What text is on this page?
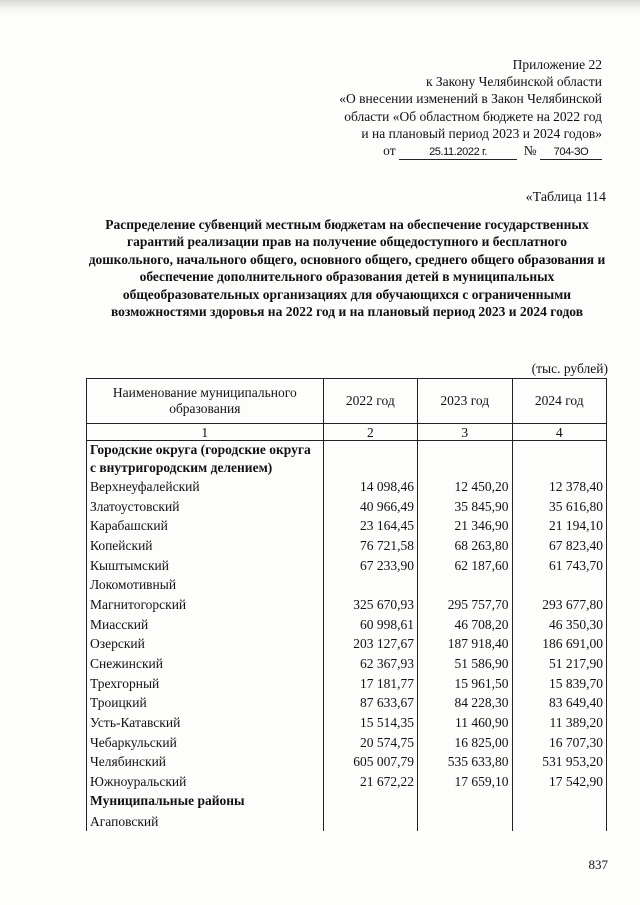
Приложение 22
к Закону Челябинской области
«О внесении изменений в Закон Челябинской
области «Об областном бюджете на 2022 год
и на плановый период 2023 и 2024 годов»
от	25.11.2022 г.	№ 704-ЗО
«Таблица 114
Распределение субвенций местным бюджетам на обеспечение государственных гарантий реализации прав на получение общедоступного и бесплатного дошкольного, начального общего, основного общего, среднего общего образования и обеспечение дополнительного образования детей в муниципальных общеобразовательных организациях для обучающихся с ограниченными возможностями здоровья на 2022 год и на плановый период 2023 и 2024 годов
(тыс. рублей)
Наименование муниципального образования	2022 год	2023 год	2024 год
1	2	3	4
Городские округа (городские округа с внутригородским делением)			
Верхнеуфалейский	14 098,46	12 450,20	12 378,40
Златоустовский	40 966,49	35 845,90	35 616,80
Карабашский	23 164,45	21 346,90	21 194,10
Копейский	76 721,58	68 263,80	67 823,40
Кыштымский	67 233,90	62 187,60	61 743,70
Локомотивный			
Магнитогорский	325 670,93	295 757,70	293 677,80
Миасский	60 998,61	46 708,20	46 350,30
Озерский	203 127,67	187 918,40	186 691,00
Снежинский	62 367,93	51 586,90	51 217,90
Трехгорный	17 181,77	15 961,50	15 839,70
Троицкий	87 633,67	84 228,30	83 649,40
Усть-Катавский	15 514,35	11 460,90	11 389,20
Чебаркульский	20 574,75	16 825,00	16 707,30
Челябинский	605 007,79	535 633,80	531 953,20
Южноуральский	21 672,22	17 659,10	17 542,90
Муниципальные районы			
Агаповский			
837
